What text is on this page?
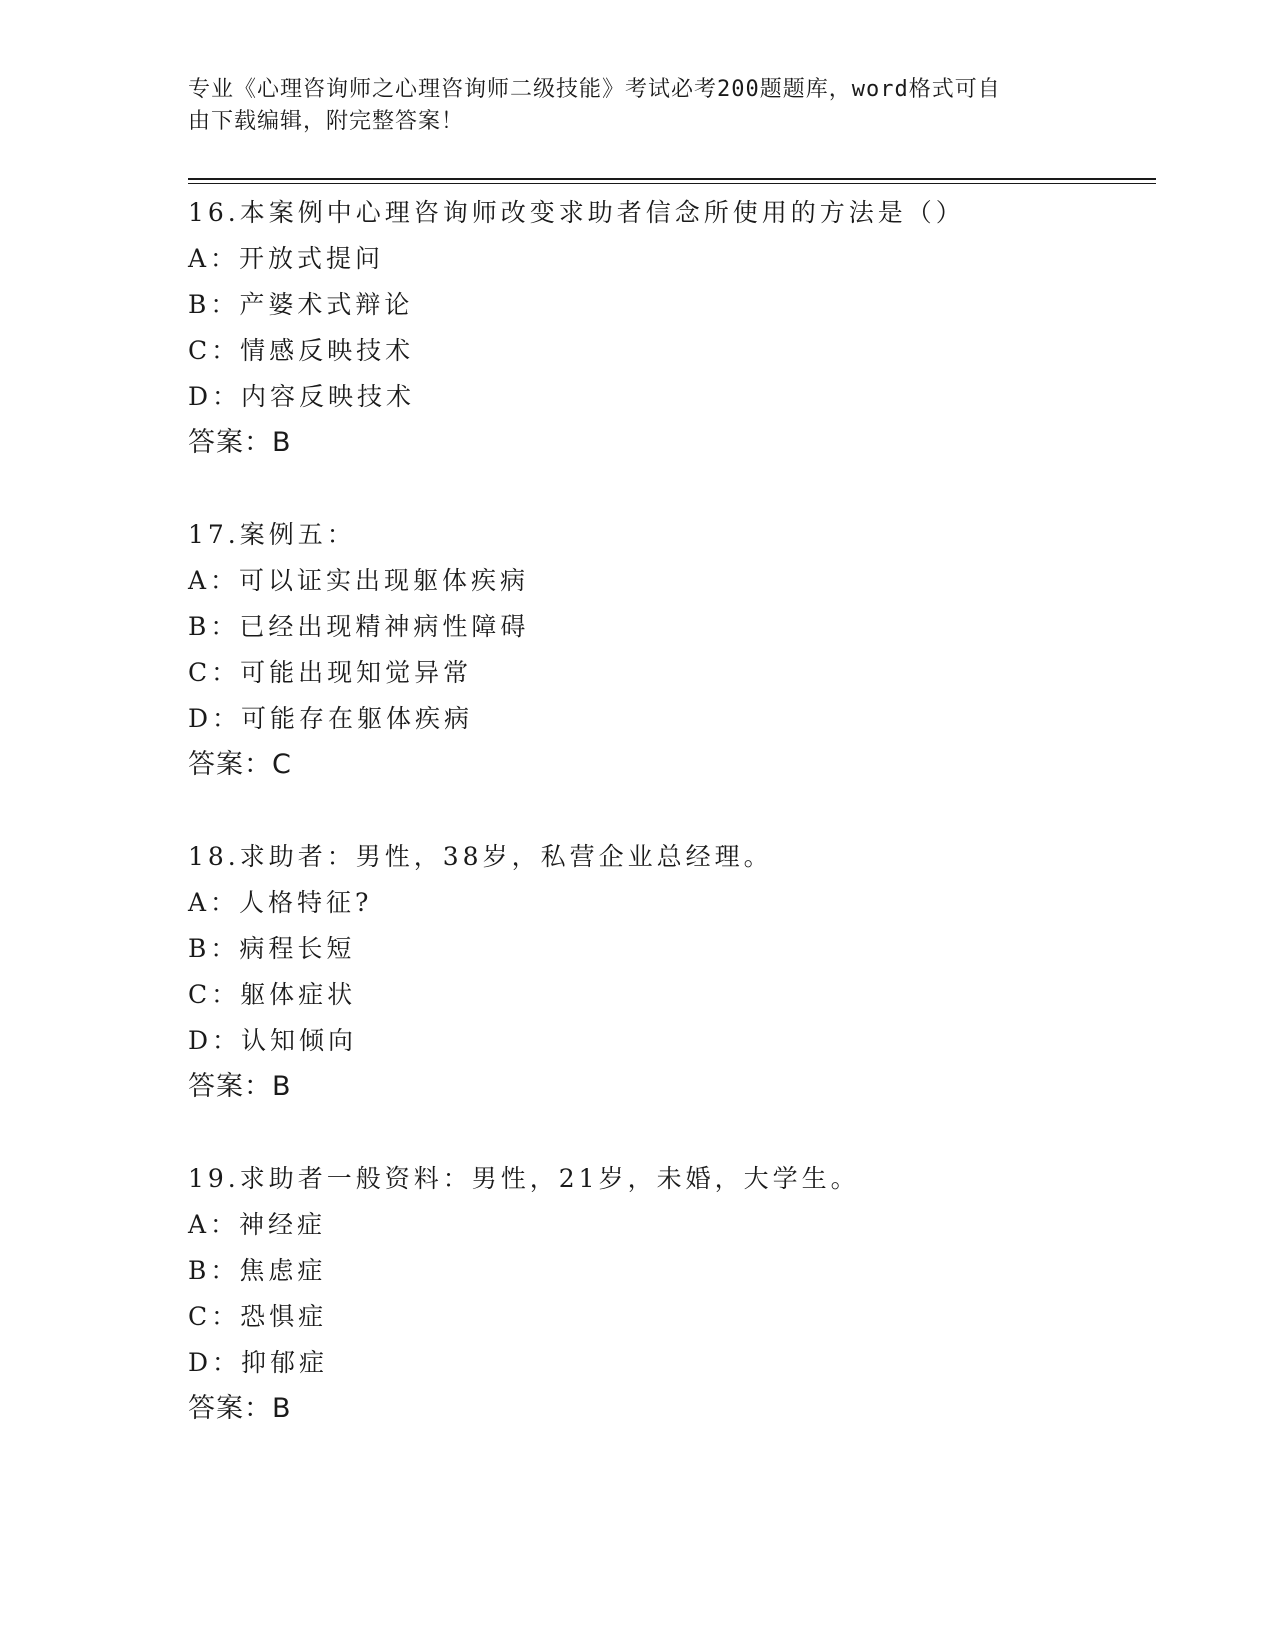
专业《心理咨询师之心理咨询师二级技能》考试必考200题题库，word格式可自
由下载编辑，附完整答案！
16.本案例中心理咨询师改变求助者信念所使用的方法是（）
A：开放式提问
B：产婆术式辩论
C：情感反映技术
D：内容反映技术
答案：B
17.案例五：
A：可以证实出现躯体疾病
B：已经出现精神病性障碍
C：可能出现知觉异常
D：可能存在躯体疾病
答案：C
18.求助者：男性，38岁，私营企业总经理。
A：人格特征?
B：病程长短
C：躯体症状
D：认知倾向
答案：B
19.求助者一般资料：男性，21岁，未婚，大学生。
A：神经症
B：焦虑症
C：恐惧症
D：抑郁症
答案：B
